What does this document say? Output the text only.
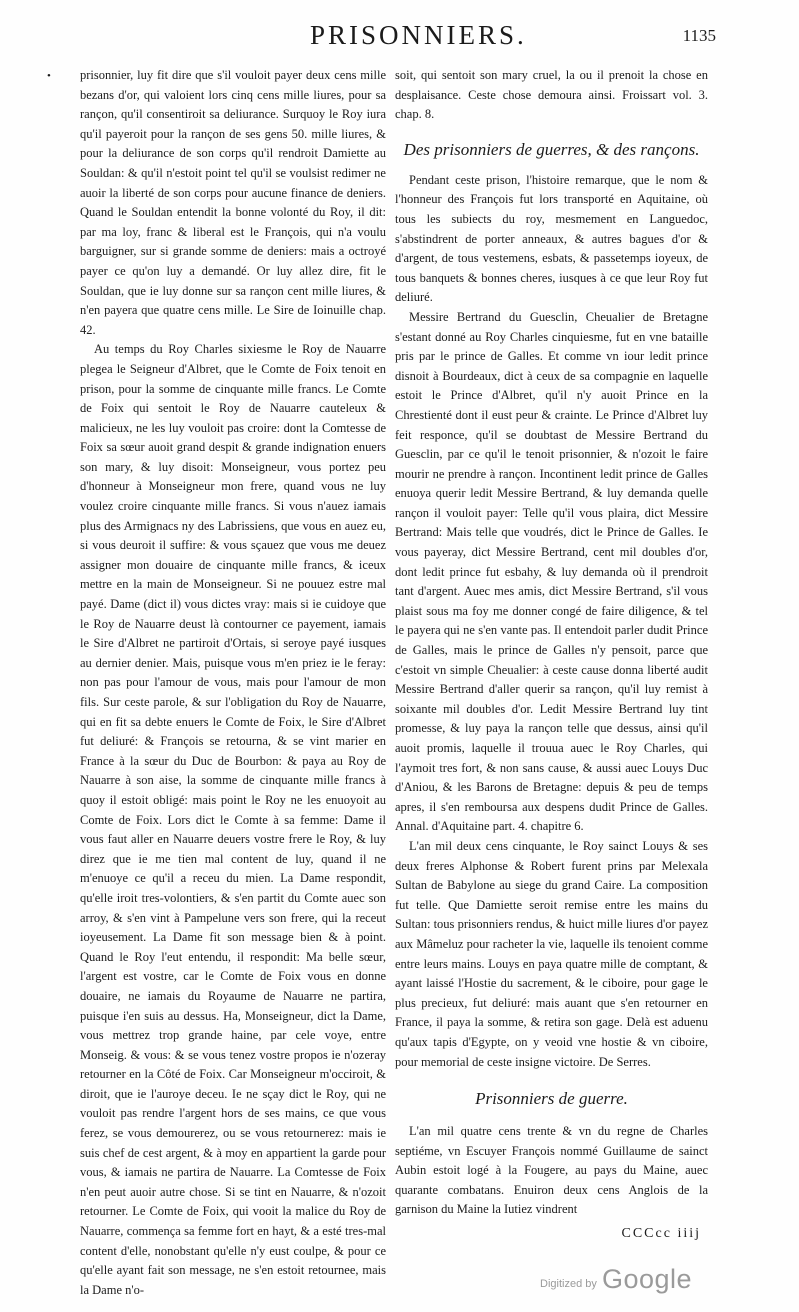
PRISONNIERS.	1135
• prisonnier, luy fit dire que s'il vouloit payer deux cens mille bezans d'or, qui valoient lors cinq cens mille liures, pour sa rançon, qu'il consentiroit sa deliurance. Surquoy le Roy iura qu'il payeroit pour la rançon de ses gens 50. mille liures, & pour la deliurance de son corps qu'il rendroit Damiette au Souldan: & qu'il n'estoit point tel qu'il se voulsist redimer ne auoir la liberté de son corps pour aucune finance de deniers. Quand le Souldan entendit la bonne volonté du Roy, il dit: par ma loy, franc & liberal est le François, qui n'a voulu barguigner, sur si grande somme de deniers: mais a octroyé payer ce qu'on luy a demandé. Or luy allez dire, fit le Souldan, que ie luy donne sur sa rançon cent mille liures, & n'en payera que quatre cens mille. Le Sire de Ioinuille chap. 42.

Au temps du Roy Charles sixiesme le Roy de Nauarre plegea le Seigneur d'Albret, que le Comte de Foix tenoit en prison, pour la somme de cinquante mille francs. Le Comte de Foix qui sentoit le Roy de Nauarre cauteleux & malicieux, ne les luy vouloit pas croire: dont la Comtesse de Foix sa sœur auoit grand despit & grande indignation enuers son mary, & luy disoit: Monseigneur, vous portez peu d'honneur à Monseigneur mon frere, quand vous ne luy voulez croire cinquante mille francs. Si vous n'auez iamais plus des Armignacs ny des Labrissiens, que vous en auez eu, si vous deuroit il suffire: & vous sçauez que vous me deuez assigner mon douaire de cinquante mille francs, & iceux mettre en la main de Monseigneur. Si ne pouuez estre mal payé. Dame (dict il) vous dictes vray: mais si ie cuidoye que le Roy de Nauarre deust là contourner ce payement, iamais le Sire d'Albret ne partiroit d'Ortais, si seroye payé iusques au dernier denier. Mais, puisque vous m'en priez ie le feray: non pas pour l'amour de vous, mais pour l'amour de mon fils. Sur ceste parole, & sur l'obligation du Roy de Nauarre, qui en fit sa debte enuers le Comte de Foix, le Sire d'Albret fut deliuré: & François se retourna, & se vint marier en France à la sœur du Duc de Bourbon: & paya au Roy de Nauarre à son aise, la somme de cinquante mille francs à quoy il estoit obligé: mais point le Roy ne les enuoyoit au Comte de Foix. Lors dict le Comte à sa femme: Dame il vous faut aller en Nauarre deuers vostre frere le Roy, & luy direz que ie me tien mal content de luy, quand il ne m'enuoye ce qu'il a receu du mien. La Dame respondit, qu'elle iroit tres-volontiers, & s'en partit du Comte auec son arroy, & s'en vint à Pampelune vers son frere, qui la receut ioyeusement. La Dame fit son message bien & à point. Quand le Roy l'eut entendu, il respondit: Ma belle sœur, l'argent est vostre, car le Comte de Foix vous en donne douaire, ne iamais du Royaume de Nauarre ne partira, puisque i'en suis au dessus. Ha, Monseigneur, dict la Dame, vous mettrez trop grande haine, par cele voye, entre Monseig. & vous: & se vous tenez vostre propos ie n'ozeray retourner en la Côté de Foix. Car Monseigneur m'occiroit, & diroit, que ie l'auroye deceu. Ie ne sçay dict le Roy, qui ne vouloit pas rendre l'argent hors de ses mains, ce que vous ferez, se vous demourerez, ou se vous retournerez: mais ie suis chef de cest argent, & à moy en appartient la garde pour vous, & iamais ne partira de Nauarre. La Comtesse de Foix n'en peut auoir autre chose. Si se tint en Nauarre, & n'ozoit retourner. Le Comte de Foix, qui vooit la malice du Roy de Nauarre, commença sa femme fort en hayt, & a esté tres-mal content d'elle, nonobstant qu'elle n'y eust coulpe, & pour ce qu'elle ayant fait son message, ne s'en estoit retournee, mais la Dame n'o-

soit, qui sentoit son mary cruel, la ou il prenoit la chose en desplaisance. Ceste chose demoura ainsi. Froissart vol. 3. chap. 8.

Des prisonniers de guerres, & des rançons.

Pendant ceste prison, l'histoire remarque, que le nom & l'honneur des François fut lors transporté en Aquitaine, où tous les subiects du roy, mesmement en Languedoc, s'abstindrent de porter anneaux, & autres bagues d'or & d'argent, de tous vestemens, esbats, & passetemps ioyeux, de tous banquets & bonnes cheres, iusques à ce que leur Roy fut deliuré.

Messire Bertrand du Guesclin, Cheualier de Bretagne s'estant donné au Roy Charles cinquiesme, fut en vne bataille pris par le prince de Galles. Et comme vn iour ledit prince disnoit à Bourdeaux, dict à ceux de sa compagnie en laquelle estoit le Prince d'Albret, qu'il n'y auoit Prince en la Chrestienté dont il eust peur & crainte. Le Prince d'Albret luy feit responce, qu'il se doubtast de Messire Bertrand du Guesclin, par ce qu'il le tenoit prisonnier, & n'ozoit le faire mourir ne prendre à rançon. Incontinent ledit prince de Galles enuoya querir ledit Messire Bertrand, & luy demanda quelle rançon il vouloit payer: Telle qu'il vous plaira, dict Messire Bertrand: Mais telle que voudrés, dict le Prince de Galles. Ie vous payeray, dict Messire Bertrand, cent mil doubles d'or, dont ledit prince fut esbahy, & luy demanda où il prendroit tant d'argent. Auec mes amis, dict Messire Bertrand, s'il vous plaist sous ma foy me donner congé de faire diligence, & tel le payera qui ne s'en vante pas. Il entendoit parler dudit Prince de Galles, mais le prince de Galles n'y pensoit, parce que c'estoit vn simple Cheualier: à ceste cause donna liberté audit Messire Bertrand d'aller querir sa rançon, qu'il luy remist à soixante mil doubles d'or. Ledit Messire Bertrand luy tint promesse, & luy paya la rançon telle que dessus, ainsi qu'il auoit promis, laquelle il trouua auec le Roy Charles, qui l'aymoit tres fort, & non sans cause, & aussi auec Louys Duc d'Aniou, & les Barons de Bretagne: depuis & peu de temps apres, il s'en remboursa aux despens dudit Prince de Galles. Annal. d'Aquitaine part. 4. chapitre 6.

L'an mil deux cens cinquante, le Roy sainct Louys & ses deux freres Alphonse & Robert furent prins par Melexala Sultan de Babylone au siege du grand Caire. La composition fut telle. Que Damiette seroit remise entre les mains du Sultan: tous prisonniers rendus, & huict mille liures d'or payez aux Mâmeluz pour racheter la vie, laquelle ils tenoient comme entre leurs mains. Louys en paya quatre mille de comptant, & ayant laissé l'Hostie du sacrement, & le ciboire, pour gage le plus precieux, fut deliuré: mais auant que s'en retourner en France, il paya la somme, & retira son gage. Delà est aduenu qu'aux tapis d'Egypte, on y veoid vne hostie & vn ciboire, pour memorial de ceste insigne victoire. De Serres.

Prisonniers de guerre.

L'an mil quatre cens trente & vn du regne de Charles septiéme, vn Escuyer François nommé Guillaume de sainct Aubin estoit logé à la Fougere, au pays du Maine, auec quarante combatans. Enuiron deux cens Anglois de la garnison du Maine la Iutiez vindrent

CCCcc iiij
Digitized by Google
